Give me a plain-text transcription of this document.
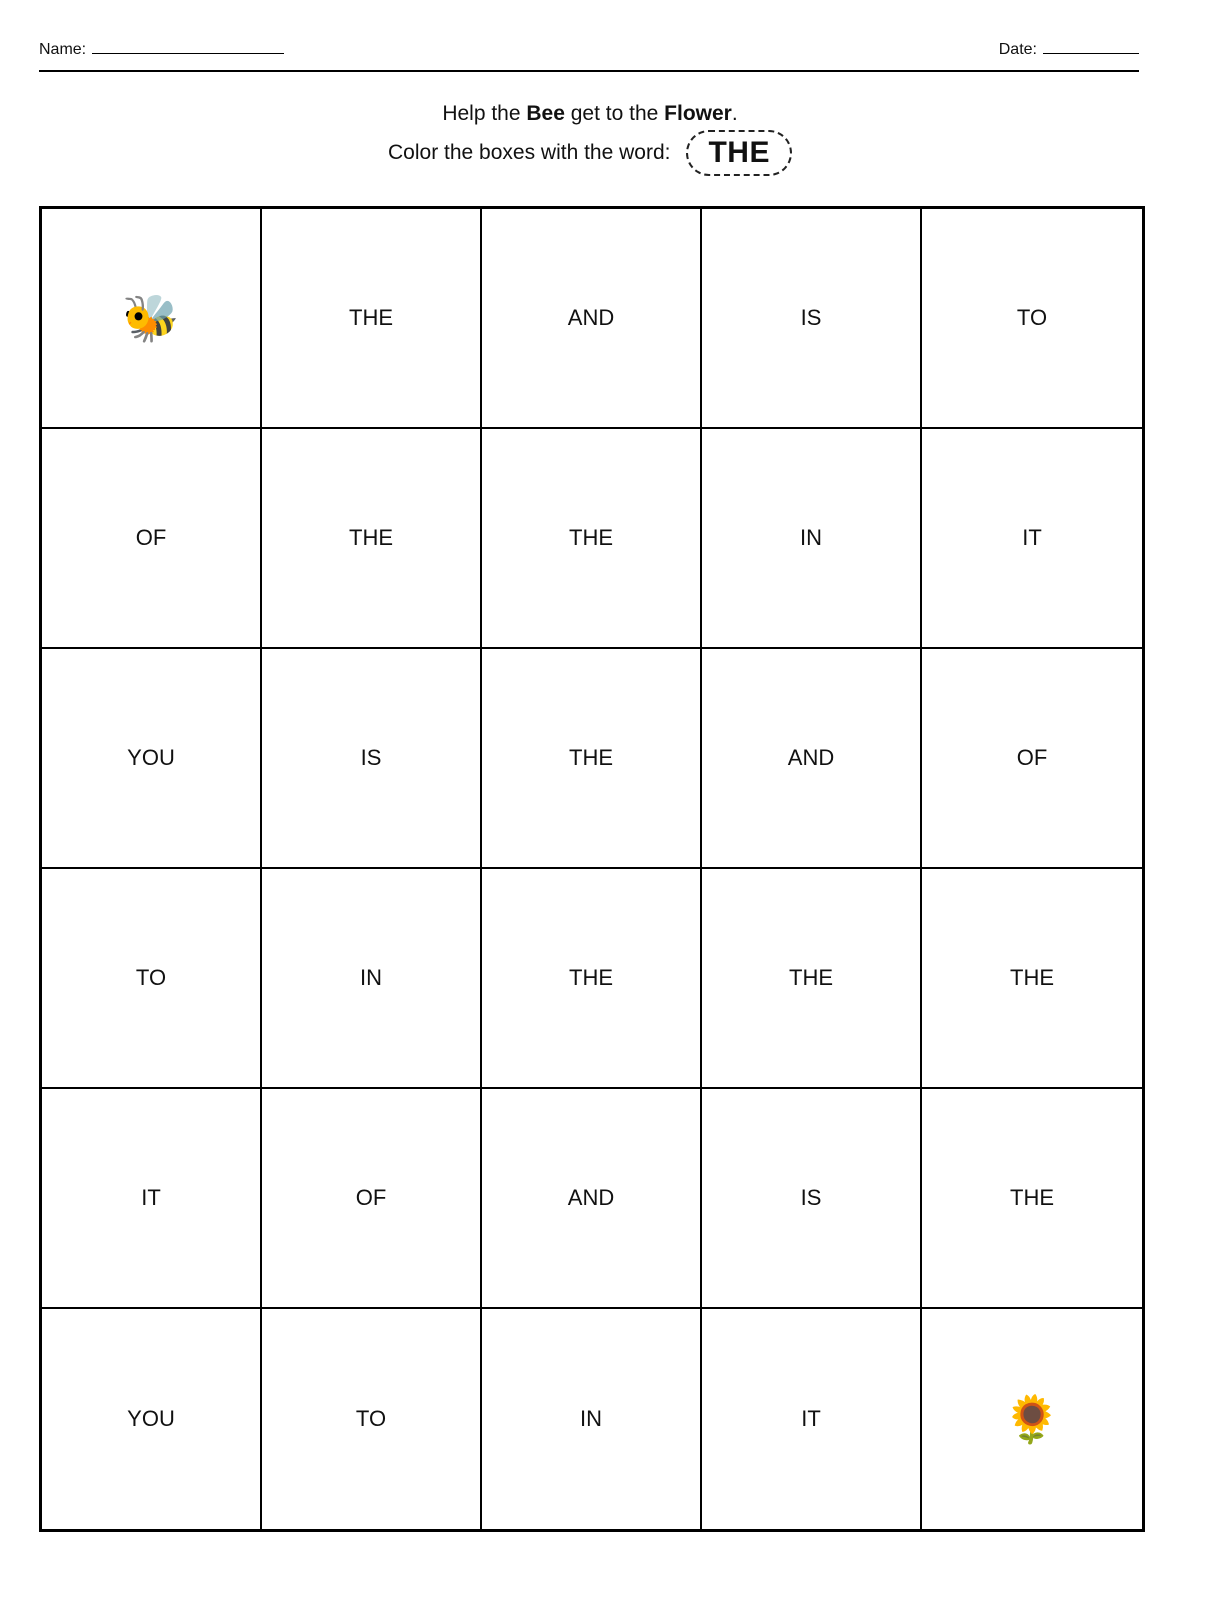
Name:	Date:
Help the Bee get to the Flower.
Color the boxes with the word:	THE
🐝	THE	AND	IS	TO
OF	THE	THE	IN	IT
YOU	IS	THE	AND	OF
TO	IN	THE	THE	THE
IT	OF	AND	IS	THE
YOU	TO	IN	IT	🌻
